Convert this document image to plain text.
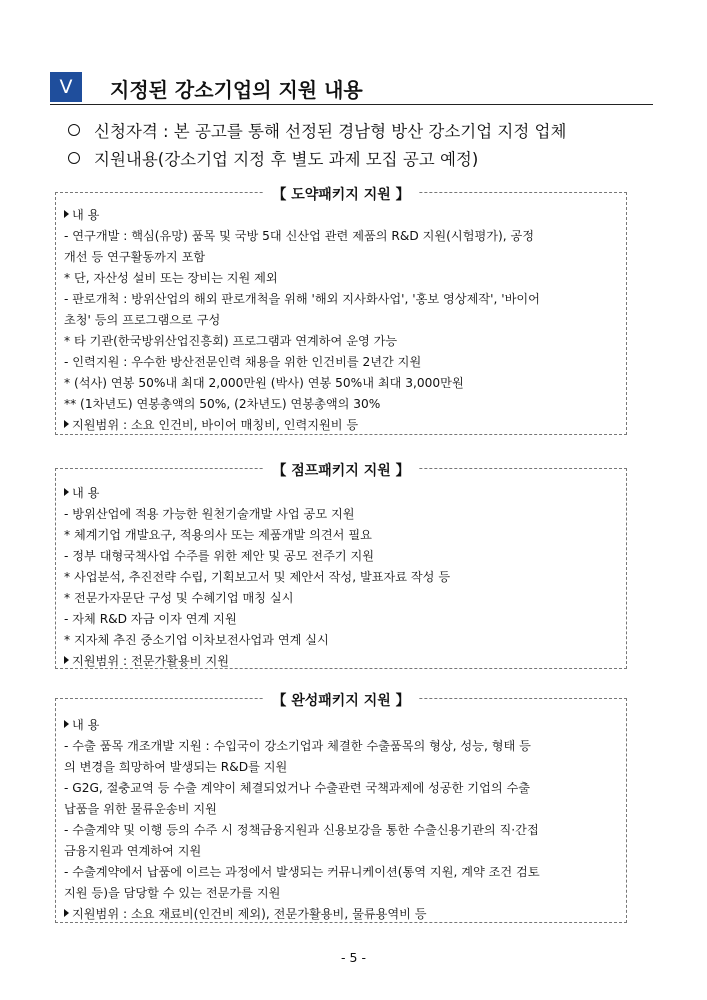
V	지정된 강소기업의 지원 내용
신청자격 : 본 공고를 통해 선정된 경남형 방산 강소기업 지정 업체
지원내용(강소기업 지정 후 별도 과제 모집 공고 예정)
【 도약패키지 지원 】
내 용
- 연구개발 : 핵심(유망) 품목 및 국방 5대 신산업 관련 제품의 R&D 지원(시험평가), 공정
개선 등 연구활동까지 포함
* 단, 자산성 설비 또는 장비는 지원 제외
- 판로개척 : 방위산업의 해외 판로개척을 위해 '해외 지사화사업', '홍보 영상제작', '바이어
초청' 등의 프로그램으로 구성
* 타 기관(한국방위산업진흥회) 프로그램과 연계하여 운영 가능
- 인력지원 : 우수한 방산전문인력 채용을 위한 인건비를 2년간 지원
* (석사) 연봉 50%내 최대 2,000만원 (박사) 연봉 50%내 최대 3,000만원
** (1차년도) 연봉총액의 50%, (2차년도) 연봉총액의 30%
지원범위 : 소요 인건비, 바이어 매칭비, 인력지원비 등
【 점프패키지 지원 】
내 용
- 방위산업에 적용 가능한 원천기술개발 사업 공모 지원
* 체계기업 개발요구, 적용의사 또는 제품개발 의견서 필요
- 정부 대형국책사업 수주를 위한 제안 및 공모 전주기 지원
* 사업분석, 추진전략 수립, 기획보고서 및 제안서 작성, 발표자료 작성 등
* 전문가자문단 구성 및 수혜기업 매칭 실시
- 자체 R&D 자금 이자 연계 지원
* 지자체 추진 중소기업 이차보전사업과 연계 실시
지원범위 : 전문가활용비 지원
【 완성패키지 지원 】
내 용
- 수출 품목 개조개발 지원 : 수입국이 강소기업과 체결한 수출품목의 형상, 성능, 형태 등
의 변경을 희망하여 발생되는 R&D를 지원
- G2G, 절충교역 등 수출 계약이 체결되었거나 수출관련 국책과제에 성공한 기업의 수출
납품을 위한 물류운송비 지원
- 수출계약 및 이행 등의 수주 시 정책금융지원과 신용보강을 통한 수출신용기관의 직·간접
금융지원과 연계하여 지원
- 수출계약에서 납품에 이르는 과정에서 발생되는 커뮤니케이션(통역 지원, 계약 조건 검토
지원 등)을 담당할 수 있는 전문가를 지원
지원범위 : 소요 재료비(인건비 제외), 전문가활용비, 물류용역비 등
- 5 -
